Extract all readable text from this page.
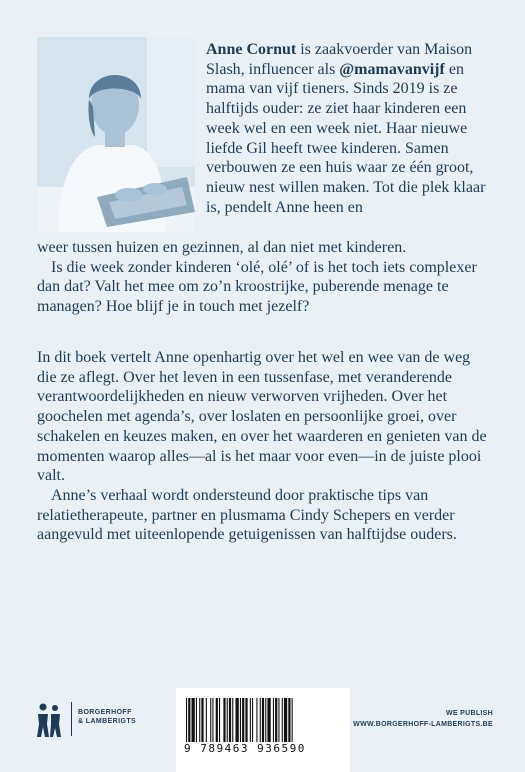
Anne Cornut is zaakvoerder van Maison Slash, influencer als @mamavanvijf en mama van vijf tieners. Sinds 2019 is ze halftijds ouder: ze ziet haar kinderen een week wel en een week niet. Haar nieuwe liefde Gil heeft twee kinderen. Samen verbouwen ze een huis waar ze één groot, nieuw nest willen maken. Tot die plek klaar is, pendelt Anne heen en

weer tussen huizen en gezinnen, al dan niet met kinderen.
Is die week zonder kinderen ‘olé, olé’ of is het toch iets complexer dan dat? Valt het mee om zo’n kroostrijke, puberende menage te managen? Hoe blijf je in touch met jezelf?

In dit boek vertelt Anne openhartig over het wel en wee van de weg die ze aflegt. Over het leven in een tussenfase, met veranderende verantwoordelijkheden en nieuw verworven vrijheden. Over het goochelen met agenda’s, over loslaten en persoonlijke groei, over schakelen en keuzes maken, en over het waarderen en genieten van de momenten waarop alles—al is het maar voor even—in de juiste plooi valt.

Anne’s verhaal wordt ondersteund door praktische tips van relatietherapeute, partner en plusmama Cindy Schepers en verder aangevuld met uiteenlopende getuigenissen van halftijdse ouders.

BORGERHOFF
& LAMBERIGTS
9 789463 936590
WE PUBLISH
WWW.BORGERHOFF-LAMBERIGTS.BE
